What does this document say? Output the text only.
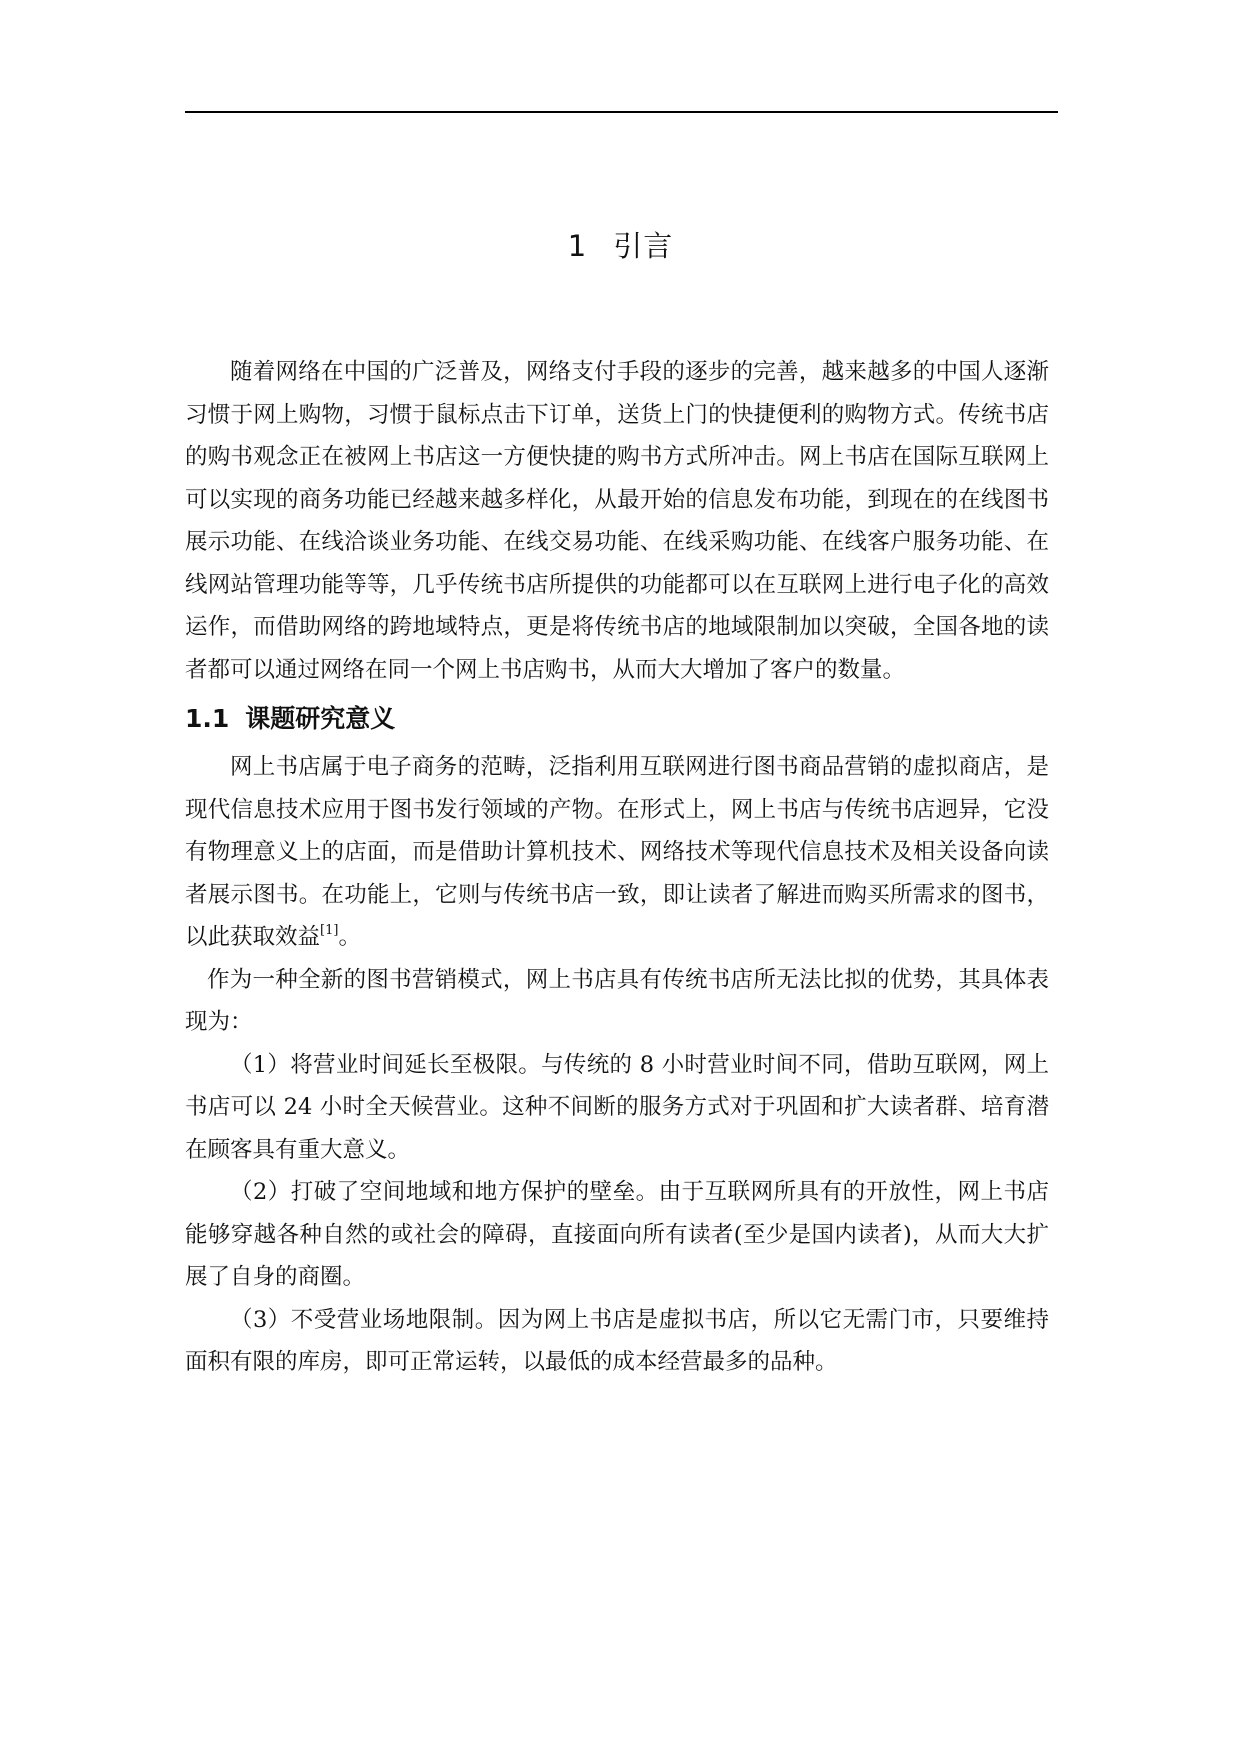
1 引言

随着网络在中国的广泛普及，网络支付手段的逐步的完善，越来越多的中国人逐渐习惯于网上购物，习惯于鼠标点击下订单，送货上门的快捷便利的购物方式。传统书店的购书观念正在被网上书店这一方便快捷的购书方式所冲击。网上书店在国际互联网上可以实现的商务功能已经越来越多样化，从最开始的信息发布功能，到现在的在线图书展示功能、在线洽谈业务功能、在线交易功能、在线采购功能、在线客户服务功能、在线网站管理功能等等，几乎传统书店所提供的功能都可以在互联网上进行电子化的高效运作，而借助网络的跨地域特点，更是将传统书店的地域限制加以突破，全国各地的读者都可以通过网络在同一个网上书店购书，从而大大增加了客户的数量。

1.1 课题研究意义

网上书店属于电子商务的范畴，泛指利用互联网进行图书商品营销的虚拟商店，是现代信息技术应用于图书发行领域的产物。在形式上，网上书店与传统书店迥异，它没有物理意义上的店面，而是借助计算机技术、网络技术等现代信息技术及相关设备向读者展示图书。在功能上，它则与传统书店一致，即让读者了解进而购买所需求的图书，以此获取效益[1]。

作为一种全新的图书营销模式，网上书店具有传统书店所无法比拟的优势，其具体表现为：

（1）将营业时间延长至极限。与传统的 8 小时营业时间不同，借助互联网，网上书店可以 24 小时全天候营业。这种不间断的服务方式对于巩固和扩大读者群、培育潜在顾客具有重大意义。

（2）打破了空间地域和地方保护的壁垒。由于互联网所具有的开放性，网上书店能够穿越各种自然的或社会的障碍，直接面向所有读者(至少是国内读者)，从而大大扩展了自身的商圈。

（3）不受营业场地限制。因为网上书店是虚拟书店，所以它无需门市，只要维持面积有限的库房，即可正常运转，以最低的成本经营最多的品种。
